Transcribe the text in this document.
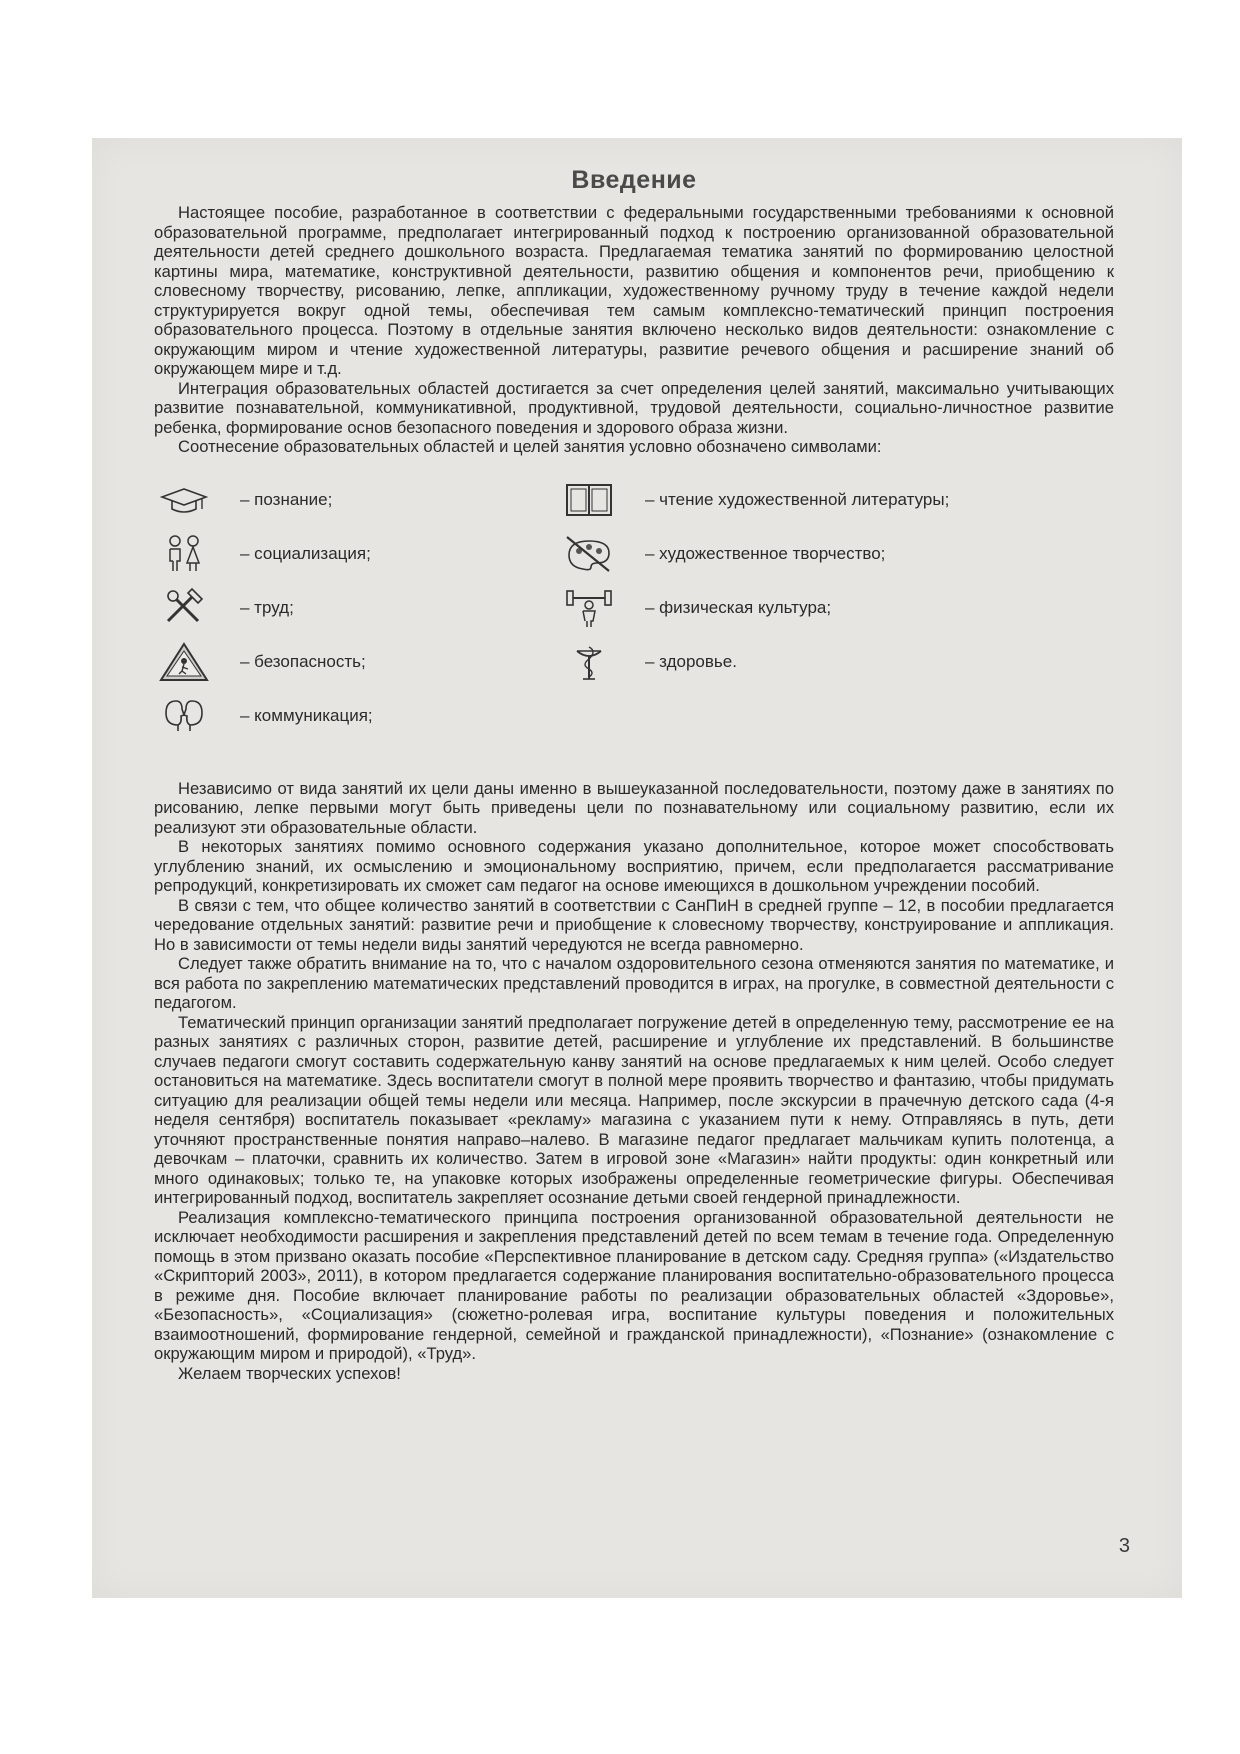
Введение

Настоящее пособие, разработанное в соответствии с федеральными государственными требованиями к основной образовательной программе, предполагает интегрированный подход к построению организованной образовательной деятельности детей среднего дошкольного возраста. Предлагаемая тематика занятий по формированию целостной картины мира, математике, конструктивной деятельности, развитию общения и компонентов речи, приобщению к словесному творчеству, рисованию, лепке, аппликации, художественному ручному труду в течение каждой недели структурируется вокруг одной темы, обеспечивая тем самым комплексно-тематический принцип построения образовательного процесса. Поэтому в отдельные занятия включено несколько видов деятельности: ознакомление с окружающим миром и чтение художественной литературы, развитие речевого общения и расширение знаний об окружающем мире и т.д.

Интеграция образовательных областей достигается за счет определения целей занятий, максимально учитывающих развитие познавательной, коммуникативной, продуктивной, трудовой деятельности, социально-личностное развитие ребенка, формирование основ безопасного поведения и здорового образа жизни.

Соотнесение образовательных областей и целей занятия условно обозначено символами:

– познание;
– социализация;
– труд;
– безопасность;
– коммуникация;
– чтение художественной литературы;
– художественное творчество;
– физическая культура;
– здоровье.

Независимо от вида занятий их цели даны именно в вышеуказанной последовательности, поэтому даже в занятиях по рисованию, лепке первыми могут быть приведены цели по познавательному или социальному развитию, если их реализуют эти образовательные области.

В некоторых занятиях помимо основного содержания указано дополнительное, которое может способствовать углублению знаний, их осмыслению и эмоциональному восприятию, причем, если предполагается рассматривание репродукций, конкретизировать их сможет сам педагог на основе имеющихся в дошкольном учреждении пособий.

В связи с тем, что общее количество занятий в соответствии с СанПиН в средней группе – 12, в пособии предлагается чередование отдельных занятий: развитие речи и приобщение к словесному творчеству, конструирование и аппликация. Но в зависимости от темы недели виды занятий чередуются не всегда равномерно.

Следует также обратить внимание на то, что с началом оздоровительного сезона отменяются занятия по математике, и вся работа по закреплению математических представлений проводится в играх, на прогулке, в совместной деятельности с педагогом.

Тематический принцип организации занятий предполагает погружение детей в определенную тему, рассмотрение ее на разных занятиях с различных сторон, развитие детей, расширение и углубление их представлений. В большинстве случаев педагоги смогут составить содержательную канву занятий на основе предлагаемых к ним целей. Особо следует остановиться на математике. Здесь воспитатели смогут в полной мере проявить творчество и фантазию, чтобы придумать ситуацию для реализации общей темы недели или месяца. Например, после экскурсии в прачечную детского сада (4-я неделя сентября) воспитатель показывает «рекламу» магазина с указанием пути к нему. Отправляясь в путь, дети уточняют пространственные понятия направо–налево. В магазине педагог предлагает мальчикам купить полотенца, а девочкам – платочки, сравнить их количество. Затем в игровой зоне «Магазин» найти продукты: один конкретный или много одинаковых; только те, на упаковке которых изображены определенные геометрические фигуры. Обеспечивая интегрированный подход, воспитатель закрепляет осознание детьми своей гендерной принадлежности.

Реализация комплексно-тематического принципа построения организованной образовательной деятельности не исключает необходимости расширения и закрепления представлений детей по всем темам в течение года. Определенную помощь в этом призвано оказать пособие «Перспективное планирование в детском саду. Средняя группа» («Издательство «Скрипторий 2003», 2011), в котором предлагается содержание планирования воспитательно-образовательного процесса в режиме дня. Пособие включает планирование работы по реализации образовательных областей «Здоровье», «Безопасность», «Социализация» (сюжетно-ролевая игра, воспитание культуры поведения и положительных взаимоотношений, формирование гендерной, семейной и гражданской принадлежности), «Познание» (ознакомление с окружающим миром и природой), «Труд».

Желаем творческих успехов!

3
